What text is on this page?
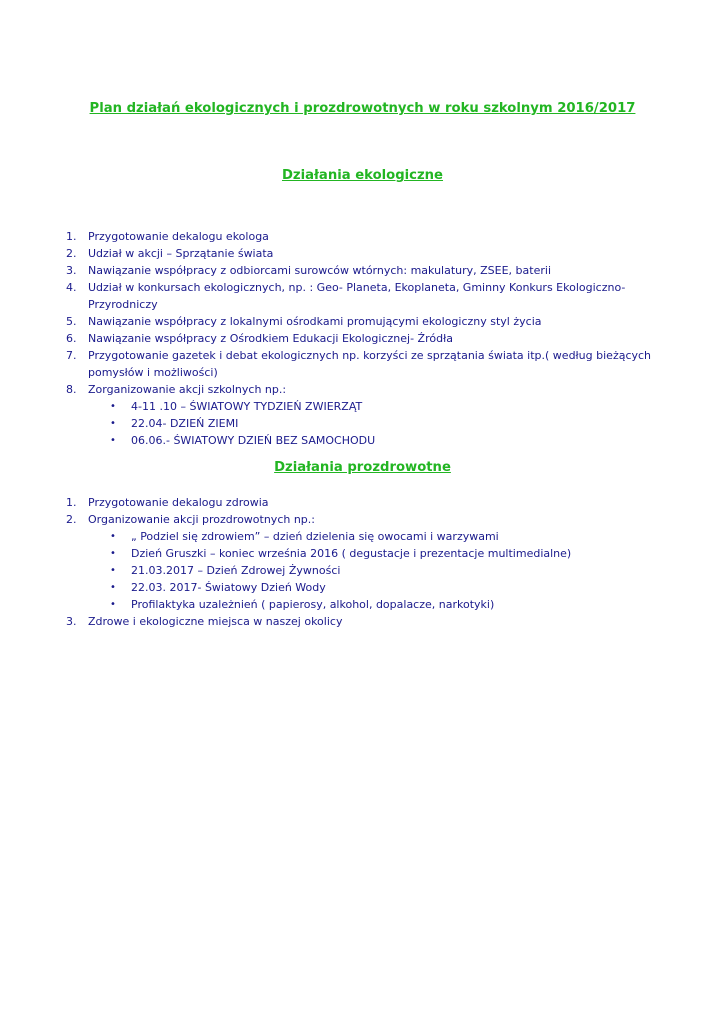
Plan działań ekologicznych i prozdrowotnych w roku szkolnym 2016/2017
Działania ekologiczne
1. Przygotowanie dekalogu ekologa
2. Udział w akcji – Sprzątanie świata
3. Nawiązanie współpracy z odbiorcami surowców wtórnych: makulatury, ZSEE, baterii
4. Udział w konkursach ekologicznych, np. : Geo- Planeta, Ekoplaneta, Gminny Konkurs Ekologiczno-Przyrodniczy
5. Nawiązanie współpracy z lokalnymi ośrodkami promującymi ekologiczny styl życia
6. Nawiązanie współpracy z Ośrodkiem Edukacji Ekologicznej- Źródła
7. Przygotowanie gazetek i debat ekologicznych np. korzyści ze sprzątania świata itp.( według bieżących pomysłów i możliwości)
8. Zorganizowanie akcji szkolnych np.:
• 4-11 .10 – ŚWIATOWY TYDZIEŃ ZWIERZĄT
• 22.04- DZIEŃ ZIEMI
• 06.06.- ŚWIATOWY DZIEŃ BEZ SAMOCHODU
Działania prozdrowotne
1. Przygotowanie dekalogu zdrowia
2. Organizowanie akcji prozdrowotnych np.:
• „ Podziel się zdrowiem” – dzień dzielenia się owocami i warzywami
• Dzień Gruszki – koniec września 2016 ( degustacje i prezentacje multimedialne)
• 21.03.2017 – Dzień Zdrowej Żywności
• 22.03. 2017- Światowy Dzień Wody
• Profilaktyka uzależnień ( papierosy, alkohol, dopalacze, narkotyki)
3. Zdrowe i ekologiczne miejsca w naszej okolicy
